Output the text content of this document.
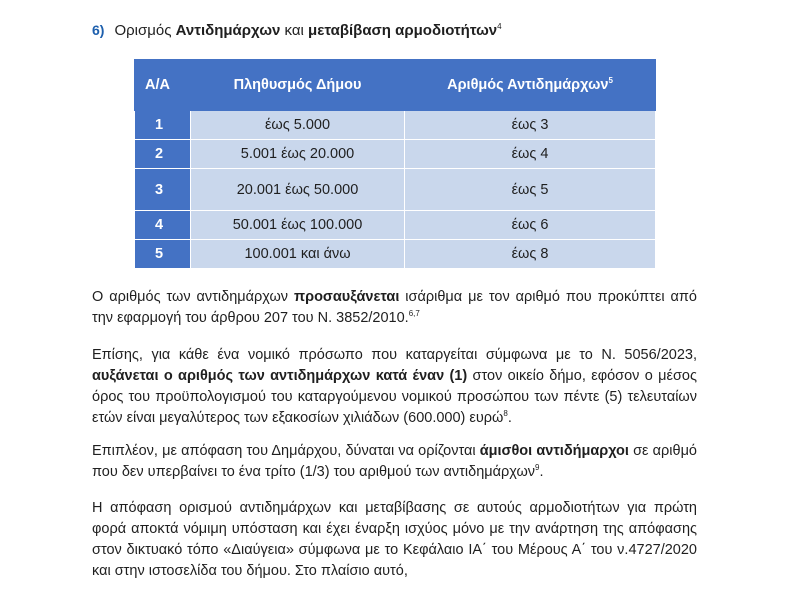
6) Ορισμός Αντιδημάρχων και μεταβίβαση αρμοδιοτήτων$^4$
Α/Α	Πληθυσμός Δήμου	Αριθμός Αντιδημάρχων$^5$
1	έως 5.000	έως 3
2	5.001 έως 20.000	έως 4
3	20.001 έως 50.000	έως 5
4	50.001 έως 100.000	έως 6
5	100.001 και άνω	έως 8

Ο αριθμός των αντιδημάρχων προσαυξάνεται ισάριθμα με τον αριθμό που προκύπτει από την εφαρμογή του άρθρου 207 του Ν. 3852/2010.$^{6,7}$

Επίσης, για κάθε ένα νομικό πρόσωπο που καταργείται σύμφωνα με το Ν. 5056/2023, αυξάνεται ο αριθμός των αντιδημάρχων κατά έναν (1) στον οικείο δήμο, εφόσον ο μέσος όρος του προϋπολογισμού του καταργούμενου νομικού προσώπου των πέντε (5) τελευταίων ετών είναι μεγαλύτερος των εξακοσίων χιλιάδων (600.000) ευρώ$^8$.

Επιπλέον, με απόφαση του Δημάρχου, δύναται να ορίζονται άμισθοι αντιδήμαρχοι σε αριθμό που δεν υπερβαίνει το ένα τρίτο (1/3) του αριθμού των αντιδημάρχων$^9$.

Η απόφαση ορισμού αντιδημάρχων και μεταβίβασης σε αυτούς αρμοδιοτήτων για πρώτη φορά αποκτά νόμιμη υπόσταση και έχει έναρξη ισχύος μόνο με την ανάρτηση της απόφασης στον δικτυακό τόπο «Διαύγεια» σύμφωνα με το Κεφάλαιο ΙΑ΄ του Μέρους Α΄ του ν.4727/2020 και στην ιστοσελίδα του δήμου. Στο πλαίσιο αυτό,
